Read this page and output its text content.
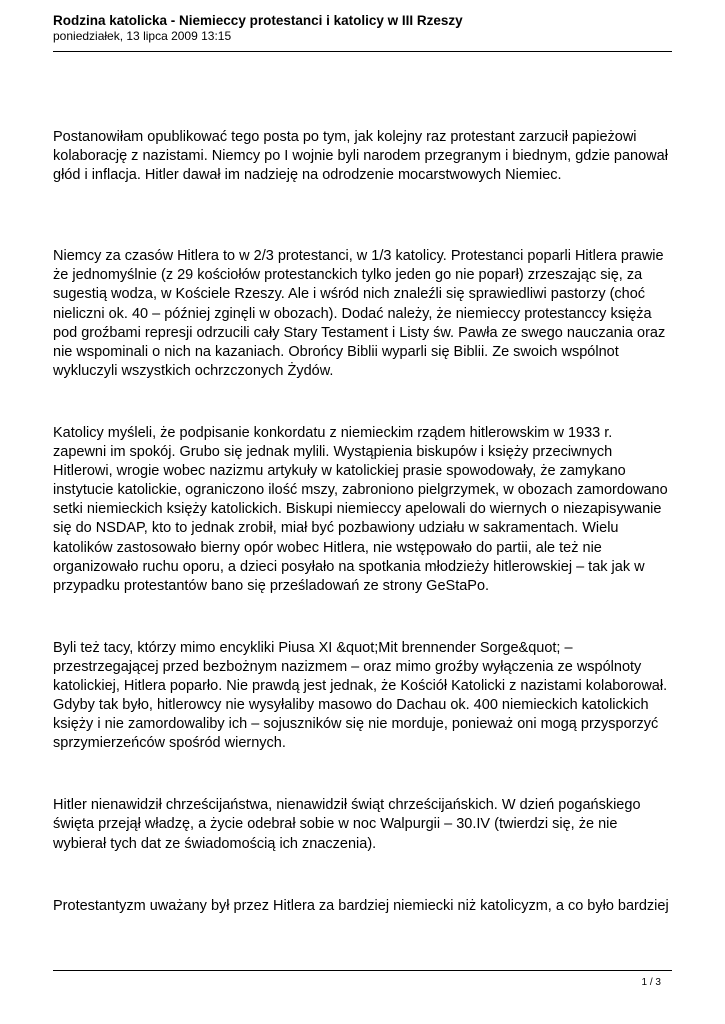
Rodzina katolicka - Niemieccy protestanci i katolicy w III Rzeszy

poniedziałek, 13 lipca 2009 13:15

Postanowiłam opublikować tego posta po tym, jak kolejny raz protestant zarzucił papieżowi
kolaborację z nazistami. Niemcy po I wojnie byli narodem przegranym i biednym, gdzie panował
głód i inflacja. Hitler dawał im nadzieję na odrodzenie mocarstwowych Niemiec.

Niemcy za czasów Hitlera to w 2/3 protestanci, w 1/3 katolicy. Protestanci poparli Hitlera prawie
że jednomyślnie (z 29 kościołów protestanckich tylko jeden go nie poparł) zrzeszając się, za
sugestią wodza, w Kościele Rzeszy. Ale i wśród nich znaleźli się sprawiedliwi pastorzy (choć
nieliczni ok. 40 – później zginęli w obozach). Dodać należy, że niemieccy protestanccy księża
pod groźbami represji odrzucili cały Stary Testament i Listy św. Pawła ze swego nauczania oraz
nie wspominali o nich na kazaniach. Obrońcy Biblii wyparli się Biblii. Ze swoich wspólnot
wykluczyli wszystkich ochrzczonych Żydów.

Katolicy myśleli, że podpisanie konkordatu z niemieckim rządem hitlerowskim w 1933 r.
zapewni im spokój. Grubo się jednak mylili. Wystąpienia biskupów i księży przeciwnych
Hitlerowi, wrogie wobec nazizmu artykuły w katolickiej prasie spowodowały, że zamykano
instytucie katolickie, ograniczono ilość mszy, zabroniono pielgrzymek, w obozach zamordowano
setki niemieckich księży katolickich. Biskupi niemieccy apelowali do wiernych o niezapisywanie
się do NSDAP, kto to jednak zrobił, miał być pozbawiony udziału w sakramentach. Wielu
katolików zastosowało bierny opór wobec Hitlera, nie wstępowało do partii, ale też nie
organizowało ruchu oporu, a dzieci posyłało na spotkania młodzieży hitlerowskiej – tak jak w
przypadku protestantów bano się prześladowań ze strony GeStaPo.

Byli też tacy, którzy mimo encykliki Piusa XI &quot;Mit brennender Sorge&quot; –
przestrzegającej przed bezbożnym nazizmem – oraz mimo groźby wyłączenia ze wspólnoty
katolickiej, Hitlera poparło. Nie prawdą jest jednak, że Kościół Katolicki z nazistami kolaborował.
Gdyby tak było, hitlerowcy nie wysyłaliby masowo do Dachau ok. 400 niemieckich katolickich
księży i nie zamordowaliby ich – sojuszników się nie morduje, ponieważ oni mogą przysporzyć
sprzymierzeńców spośród wiernych.

Hitler nienawidził chrześcijaństwa, nienawidził świąt chrześcijańskich. W dzień pogańskiego
święta przejął władzę, a życie odebrał sobie w noc Walpurgii – 30.IV (twierdzi się, że nie
wybierał tych dat ze świadomością ich znaczenia).

Protestantyzm uważany był przez Hitlera za bardziej niemiecki niż katolicyzm, a co było bardziej

1 / 3
